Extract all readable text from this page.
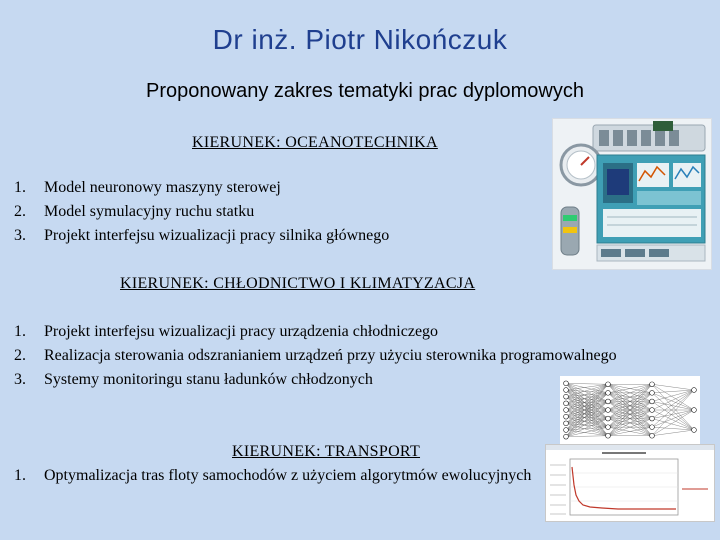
Dr inż. Piotr Nikończuk
Proponowany zakres tematyki prac dyplomowych
KIERUNEK: OCEANOTECHNIKA
1. Model neuronowy maszyny sterowej
2. Model symulacyjny ruchu statku
3. Projekt interfejsu wizualizacji pracy silnika głównego
KIERUNEK: CHŁODNICTWO I KLIMATYZACJA
1. Projekt interfejsu wizualizacji pracy urządzenia chłodniczego
2. Realizacja sterowania odszranianiem urządzeń przy użyciu sterownika programowalnego
3. Systemy monitoringu stanu ładunków chłodzonych
KIERUNEK: TRANSPORT
1. Optymalizacja tras floty samochodów z użyciem algorytmów ewolucyjnych
